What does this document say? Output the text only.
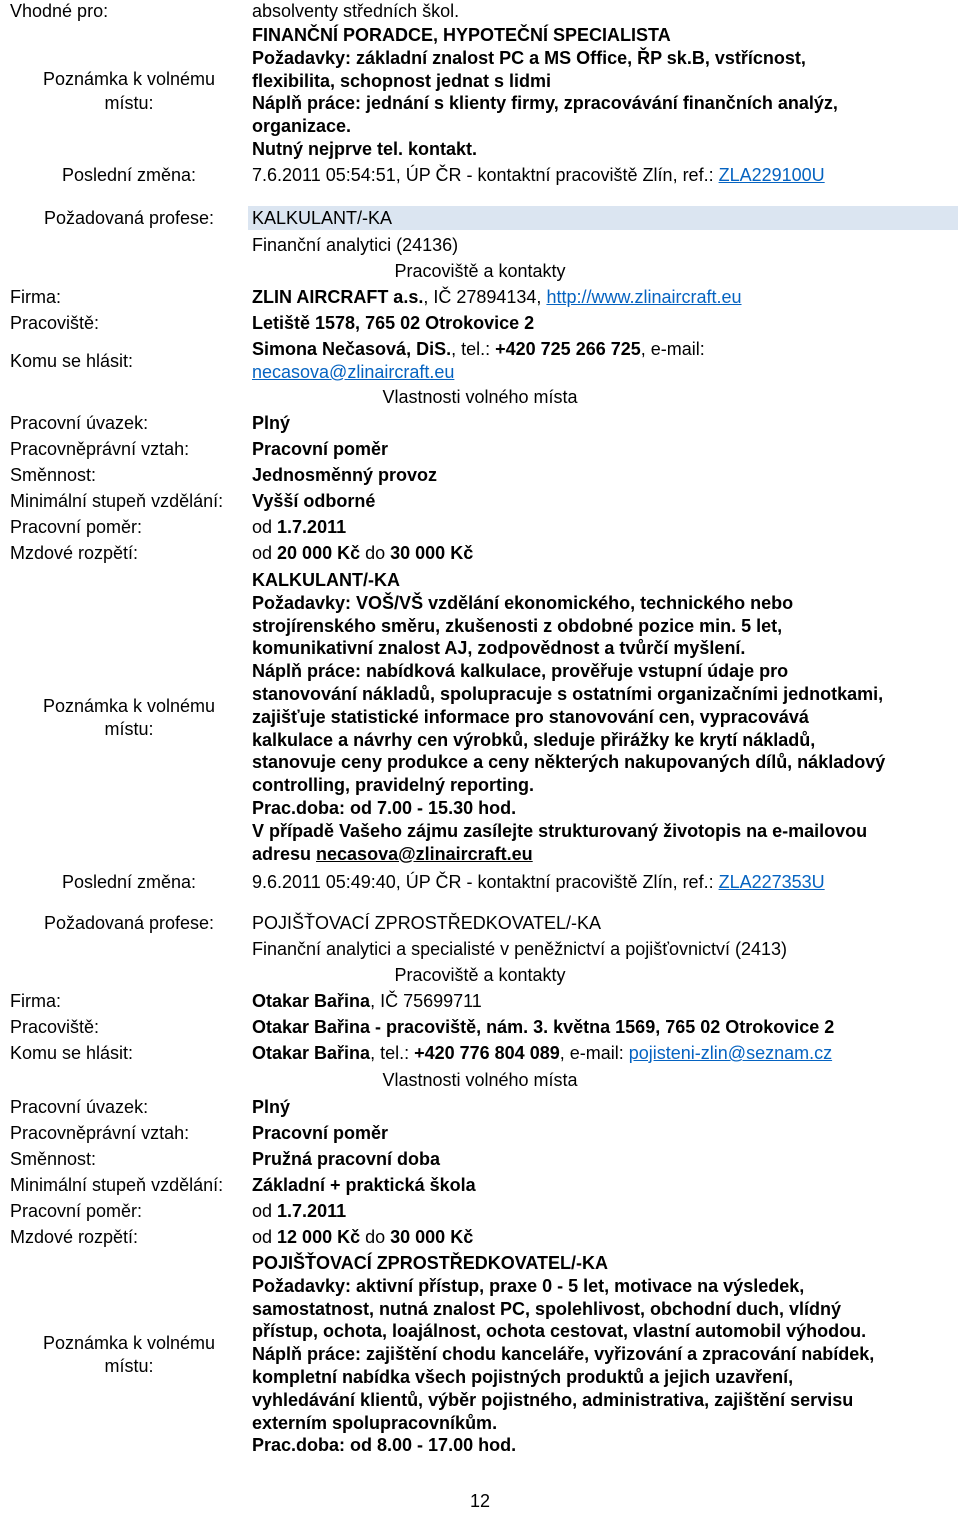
Vhodné pro:	absolventy středních škol.
Poznámka k volnému
místu:
FINANČNÍ PORADCE, HYPOTEČNÍ SPECIALISTA
Požadavky: základní znalost PC a MS Office, ŘP sk.B, vstřícnost,
flexibilita, schopnost jednat s lidmi
Náplň práce: jednání s klienty firmy, zpracovávání finančních analýz,
organizace.
Nutný nejprve tel. kontakt.
Poslední změna:	7.6.2011 05:54:51, ÚP ČR - kontaktní pracoviště Zlín, ref.: ZLA229100U
Požadovaná profese:	KALKULANT/-KA
Finanční analytici (24136)
Pracoviště a kontakty
Firma:	ZLIN AIRCRAFT a.s., IČ 27894134, http://www.zlinaircraft.eu
Pracoviště:	Letiště 1578, 765 02 Otrokovice 2
Komu se hlásit:
Simona Nečasová, DiS., tel.: +420 725 266 725, e-mail:
necasova@zlinaircraft.eu
Vlastnosti volného místa
Pracovní úvazek:	Plný
Pracovněprávní vztah:	Pracovní poměr
Směnnost:	Jednosměnný provoz
Minimální stupeň vzdělání:	Vyšší odborné
Pracovní poměr:	od 1.7.2011
Mzdové rozpětí:	od 20 000 Kč do 30 000 Kč
Poznámka k volnému
místu:
KALKULANT/-KA
Požadavky: VOŠ/VŠ vzdělání ekonomického, technického nebo
strojírenského směru, zkušenosti z obdobné pozice min. 5 let,
komunikativní znalost AJ, zodpovědnost a tvůrčí myšlení.
Náplň práce: nabídková kalkulace, prověřuje vstupní údaje pro
stanovování nákladů, spolupracuje s ostatními organizačními jednotkami,
zajišťuje statistické informace pro stanovování cen, vypracovává
kalkulace a návrhy cen výrobků, sleduje přirážky ke krytí nákladů,
stanovuje ceny produkce a ceny některých nakupovaných dílů, nákladový
controlling, pravidelný reporting.
Prac.doba: od 7.00 - 15.30 hod.
V případě Vašeho zájmu zasílejte strukturovaný životopis na e-mailovou
adresu necasova@zlinaircraft.eu
Poslední změna:	9.6.2011 05:49:40, ÚP ČR - kontaktní pracoviště Zlín, ref.: ZLA227353U
Požadovaná profese:	POJIŠŤOVACÍ ZPROSTŘEDKOVATEL/-KA
Finanční analytici a specialisté v peněžnictví a pojišťovnictví (2413)
Pracoviště a kontakty
Firma:	Otakar Bařina, IČ 75699711
Pracoviště:	Otakar Bařina - pracoviště, nám. 3. května 1569, 765 02 Otrokovice 2
Komu se hlásit:	Otakar Bařina, tel.: +420 776 804 089, e-mail: pojisteni-zlin@seznam.cz
Vlastnosti volného místa
Pracovní úvazek:	Plný
Pracovněprávní vztah:	Pracovní poměr
Směnnost:	Pružná pracovní doba
Minimální stupeň vzdělání:	Základní + praktická škola
Pracovní poměr:	od 1.7.2011
Mzdové rozpětí:	od 12 000 Kč do 30 000 Kč
Poznámka k volnému
místu:
POJIŠŤOVACÍ ZPROSTŘEDKOVATEL/-KA
Požadavky: aktivní přístup, praxe 0 - 5 let, motivace na výsledek,
samostatnost, nutná znalost PC, spolehlivost, obchodní duch, vlídný
přístup, ochota, loajálnost, ochota cestovat, vlastní automobil výhodou.
Náplň práce: zajištění chodu kanceláře, vyřizování a zpracování nabídek,
kompletní nabídka všech pojistných produktů a jejich uzavření,
vyhledávání klientů, výběr pojistného, administrativa, zajištění servisu
externím spolupracovníkům.
Prac.doba: od 8.00 - 17.00 hod.
12
